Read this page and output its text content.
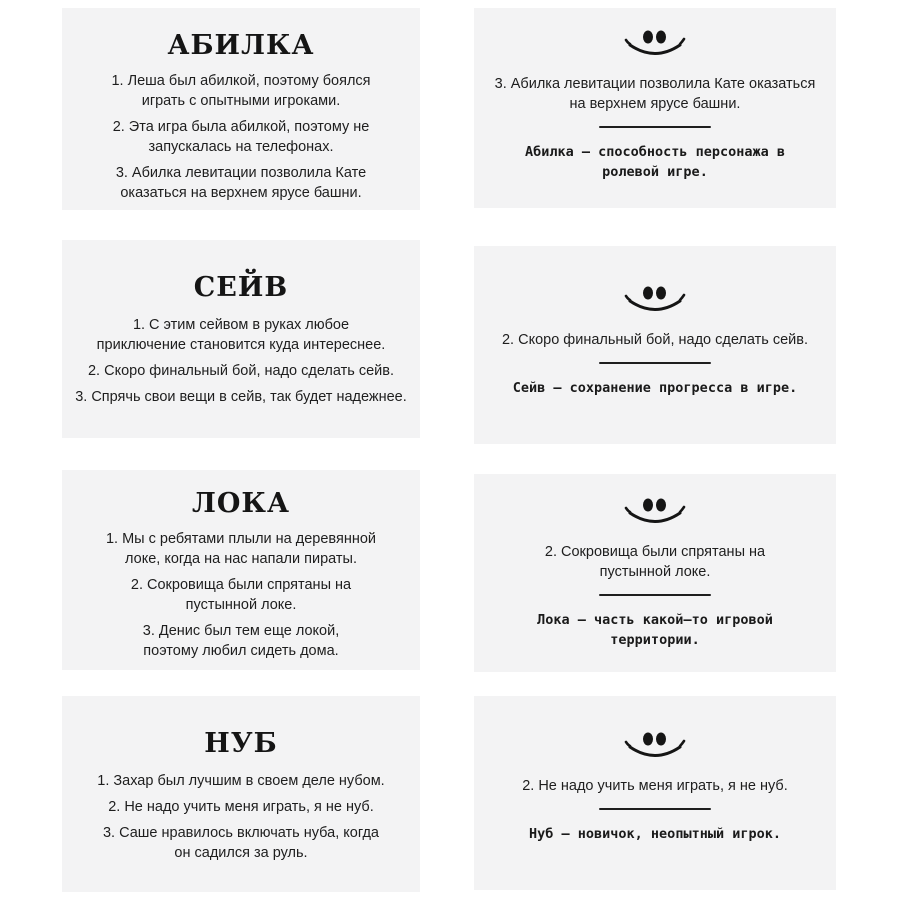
АБИЛКА
1. Леша был абилкой, поэтому боялся играть с опытными игроками.
2. Эта игра была абилкой, поэтому не запускалась на телефонах.
3. Абилка левитации позволила Кате оказаться на верхнем ярусе башни.
3. Абилка левитации позволила Кате оказаться на верхнем ярусе башни.
Абилка – способность персонажа в ролевой игре.
СЕЙВ
1. С этим сейвом в руках любое приключение становится куда интереснее.
2. Скоро финальный бой, надо сделать сейв.
3. Спрячь свои вещи в сейв, так будет надежнее.
2. Скоро финальный бой, надо сделать сейв.
Сейв – сохранение прогресса в игре.
ЛОКА
1. Мы с ребятами плыли на деревянной локе, когда на нас напали пираты.
2. Сокровища были спрятаны на пустынной локе.
3. Денис был тем еще локой, поэтому любил сидеть дома.
2. Сокровища были спрятаны на пустынной локе.
Лока – часть какой–то игровой территории.
НУБ
1. Захар был лучшим в своем деле нубом.
2. Не надо учить меня играть, я не нуб.
3. Саше нравилось включать нуба, когда он садился за руль.
2. Не надо учить меня играть, я не нуб.
Нуб – новичок, неопытный игрок.
